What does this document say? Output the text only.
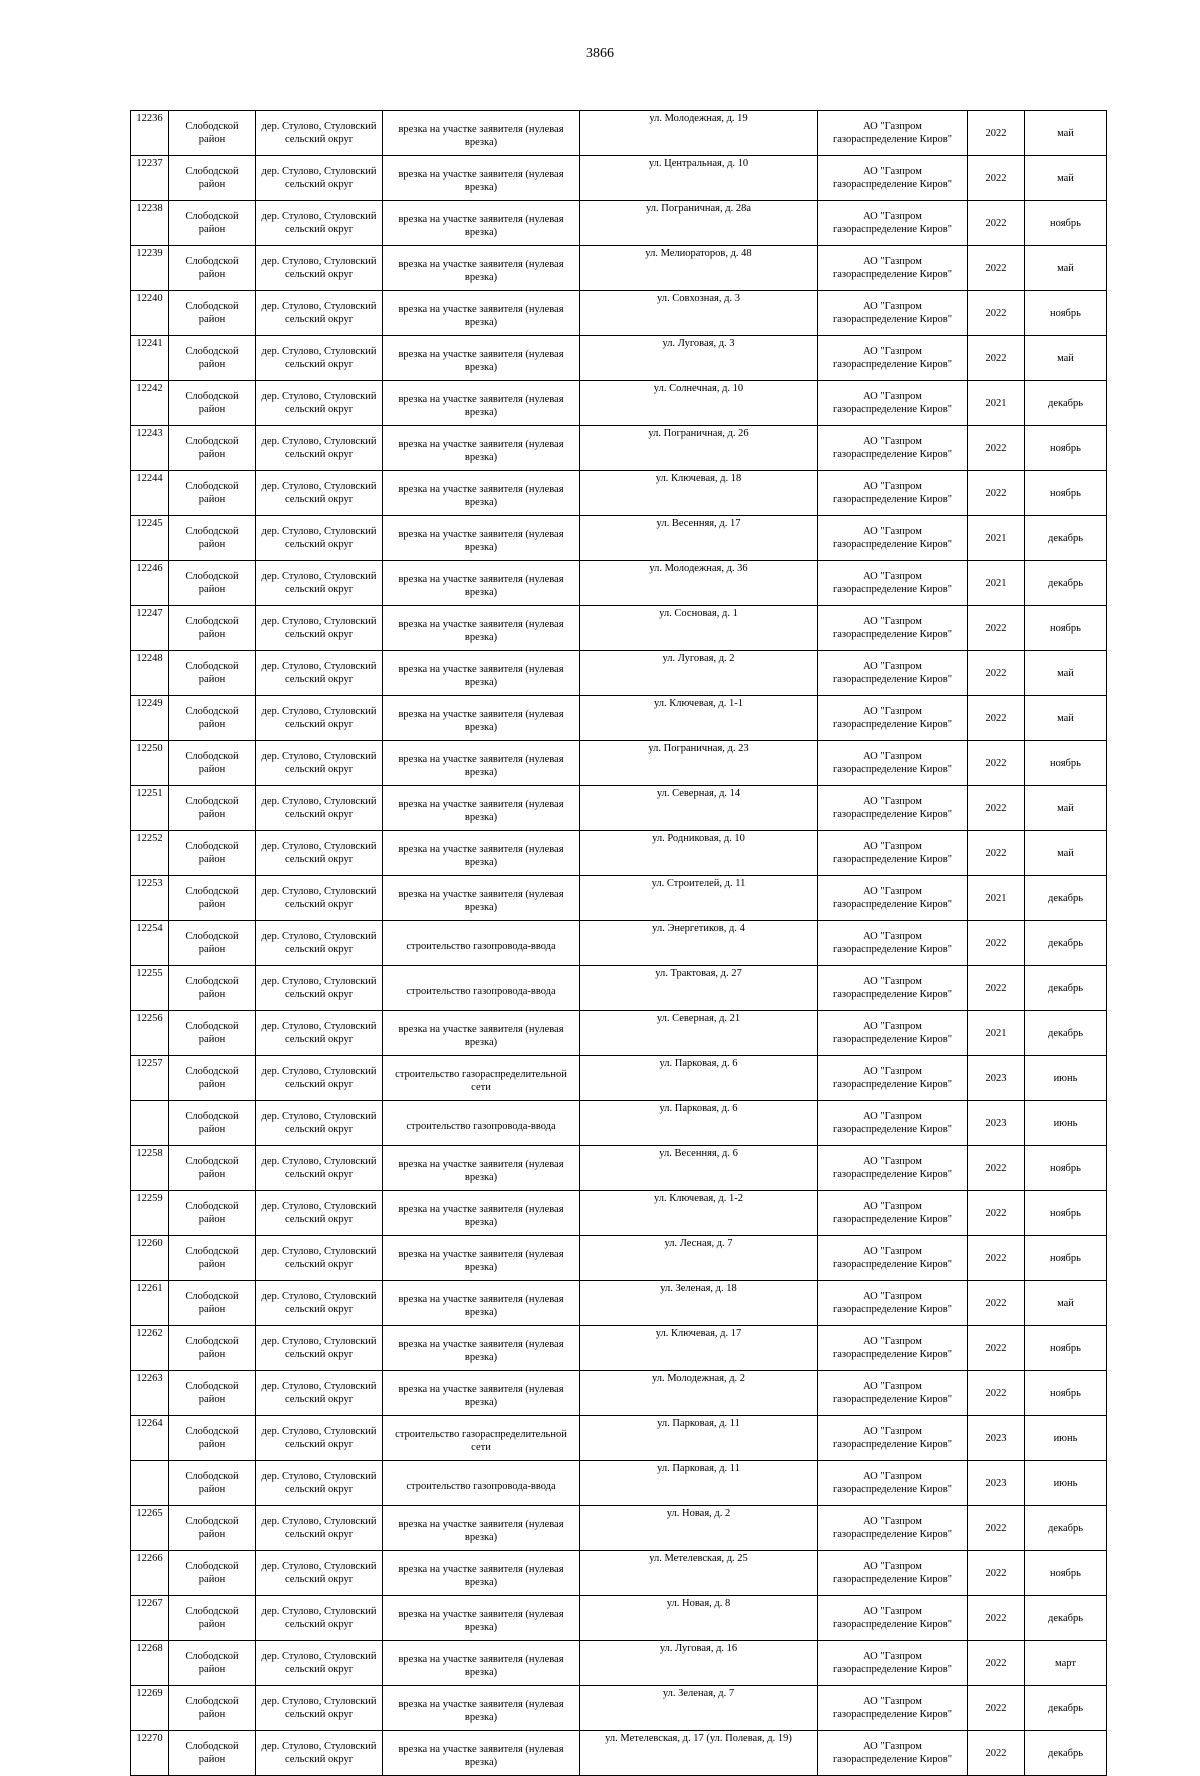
3866
12236	Слободской район	дер. Стулово, Стуловский сельский округ	врезка на участке заявителя (нулевая врезка)	ул. Молодежная, д. 19	АО "Газпром газораспределение Киров"	2022	май
12237	Слободской район	дер. Стулово, Стуловский сельский округ	врезка на участке заявителя (нулевая врезка)	ул. Центральная, д. 10	АО "Газпром газораспределение Киров"	2022	май
12238	Слободской район	дер. Стулово, Стуловский сельский округ	врезка на участке заявителя (нулевая врезка)	ул. Пограничная, д. 28а	АО "Газпром газораспределение Киров"	2022	ноябрь
12239	Слободской район	дер. Стулово, Стуловский сельский округ	врезка на участке заявителя (нулевая врезка)	ул. Мелиораторов, д. 48	АО "Газпром газораспределение Киров"	2022	май
12240	Слободской район	дер. Стулово, Стуловский сельский округ	врезка на участке заявителя (нулевая врезка)	ул. Совхозная, д. 3	АО "Газпром газораспределение Киров"	2022	ноябрь
12241	Слободской район	дер. Стулово, Стуловский сельский округ	врезка на участке заявителя (нулевая врезка)	ул. Луговая, д. 3	АО "Газпром газораспределение Киров"	2022	май
12242	Слободской район	дер. Стулово, Стуловский сельский округ	врезка на участке заявителя (нулевая врезка)	ул. Солнечная, д. 10	АО "Газпром газораспределение Киров"	2021	декабрь
12243	Слободской район	дер. Стулово, Стуловский сельский округ	врезка на участке заявителя (нулевая врезка)	ул. Пограничная, д. 26	АО "Газпром газораспределение Киров"	2022	ноябрь
12244	Слободской район	дер. Стулово, Стуловский сельский округ	врезка на участке заявителя (нулевая врезка)	ул. Ключевая, д. 18	АО "Газпром газораспределение Киров"	2022	ноябрь
12245	Слободской район	дер. Стулово, Стуловский сельский округ	врезка на участке заявителя (нулевая врезка)	ул. Весенняя, д. 17	АО "Газпром газораспределение Киров"	2021	декабрь
12246	Слободской район	дер. Стулово, Стуловский сельский округ	врезка на участке заявителя (нулевая врезка)	ул. Молодежная, д. 36	АО "Газпром газораспределение Киров"	2021	декабрь
12247	Слободской район	дер. Стулово, Стуловский сельский округ	врезка на участке заявителя (нулевая врезка)	ул. Сосновая, д. 1	АО "Газпром газораспределение Киров"	2022	ноябрь
12248	Слободской район	дер. Стулово, Стуловский сельский округ	врезка на участке заявителя (нулевая врезка)	ул. Луговая, д. 2	АО "Газпром газораспределение Киров"	2022	май
12249	Слободской район	дер. Стулово, Стуловский сельский округ	врезка на участке заявителя (нулевая врезка)	ул. Ключевая, д. 1-1	АО "Газпром газораспределение Киров"	2022	май
12250	Слободской район	дер. Стулово, Стуловский сельский округ	врезка на участке заявителя (нулевая врезка)	ул. Пограничная, д. 23	АО "Газпром газораспределение Киров"	2022	ноябрь
12251	Слободской район	дер. Стулово, Стуловский сельский округ	врезка на участке заявителя (нулевая врезка)	ул. Северная, д. 14	АО "Газпром газораспределение Киров"	2022	май
12252	Слободской район	дер. Стулово, Стуловский сельский округ	врезка на участке заявителя (нулевая врезка)	ул. Родниковая, д. 10	АО "Газпром газораспределение Киров"	2022	май
12253	Слободской район	дер. Стулово, Стуловский сельский округ	врезка на участке заявителя (нулевая врезка)	ул. Строителей, д. 11	АО "Газпром газораспределение Киров"	2021	декабрь
12254	Слободской район	дер. Стулово, Стуловский сельский округ	строительство газопровода-ввода	ул. Энергетиков, д. 4	АО "Газпром газораспределение Киров"	2022	декабрь
12255	Слободской район	дер. Стулово, Стуловский сельский округ	строительство газопровода-ввода	ул. Трактовая, д. 27	АО "Газпром газораспределение Киров"	2022	декабрь
12256	Слободской район	дер. Стулово, Стуловский сельский округ	врезка на участке заявителя (нулевая врезка)	ул. Северная, д. 21	АО "Газпром газораспределение Киров"	2021	декабрь
12257	Слободской район	дер. Стулово, Стуловский сельский округ	строительство газораспределительной сети	ул. Парковая, д. 6	АО "Газпром газораспределение Киров"	2023	июнь
	Слободской район	дер. Стулово, Стуловский сельский округ	строительство газопровода-ввода	ул. Парковая, д. 6	АО "Газпром газораспределение Киров"	2023	июнь
12258	Слободской район	дер. Стулово, Стуловский сельский округ	врезка на участке заявителя (нулевая врезка)	ул. Весенняя, д. 6	АО "Газпром газораспределение Киров"	2022	ноябрь
12259	Слободской район	дер. Стулово, Стуловский сельский округ	врезка на участке заявителя (нулевая врезка)	ул. Ключевая, д. 1-2	АО "Газпром газораспределение Киров"	2022	ноябрь
12260	Слободской район	дер. Стулово, Стуловский сельский округ	врезка на участке заявителя (нулевая врезка)	ул. Лесная, д. 7	АО "Газпром газораспределение Киров"	2022	ноябрь
12261	Слободской район	дер. Стулово, Стуловский сельский округ	врезка на участке заявителя (нулевая врезка)	ул. Зеленая, д. 18	АО "Газпром газораспределение Киров"	2022	май
12262	Слободской район	дер. Стулово, Стуловский сельский округ	врезка на участке заявителя (нулевая врезка)	ул. Ключевая, д. 17	АО "Газпром газораспределение Киров"	2022	ноябрь
12263	Слободской район	дер. Стулово, Стуловский сельский округ	врезка на участке заявителя (нулевая врезка)	ул. Молодежная, д. 2	АО "Газпром газораспределение Киров"	2022	ноябрь
12264	Слободской район	дер. Стулово, Стуловский сельский округ	строительство газораспределительной сети	ул. Парковая, д. 11	АО "Газпром газораспределение Киров"	2023	июнь
	Слободской район	дер. Стулово, Стуловский сельский округ	строительство газопровода-ввода	ул. Парковая, д. 11	АО "Газпром газораспределение Киров"	2023	июнь
12265	Слободской район	дер. Стулово, Стуловский сельский округ	врезка на участке заявителя (нулевая врезка)	ул. Новая, д. 2	АО "Газпром газораспределение Киров"	2022	декабрь
12266	Слободской район	дер. Стулово, Стуловский сельский округ	врезка на участке заявителя (нулевая врезка)	ул. Метелевская, д. 25	АО "Газпром газораспределение Киров"	2022	ноябрь
12267	Слободской район	дер. Стулово, Стуловский сельский округ	врезка на участке заявителя (нулевая врезка)	ул. Новая, д. 8	АО "Газпром газораспределение Киров"	2022	декабрь
12268	Слободской район	дер. Стулово, Стуловский сельский округ	врезка на участке заявителя (нулевая врезка)	ул. Луговая, д. 16	АО "Газпром газораспределение Киров"	2022	март
12269	Слободской район	дер. Стулово, Стуловский сельский округ	врезка на участке заявителя (нулевая врезка)	ул. Зеленая, д. 7	АО "Газпром газораспределение Киров"	2022	декабрь
12270	Слободской район	дер. Стулово, Стуловский сельский округ	врезка на участке заявителя (нулевая врезка)	ул. Метелевская, д. 17 (ул. Полевая, д. 19)	АО "Газпром газораспределение Киров"	2022	декабрь
